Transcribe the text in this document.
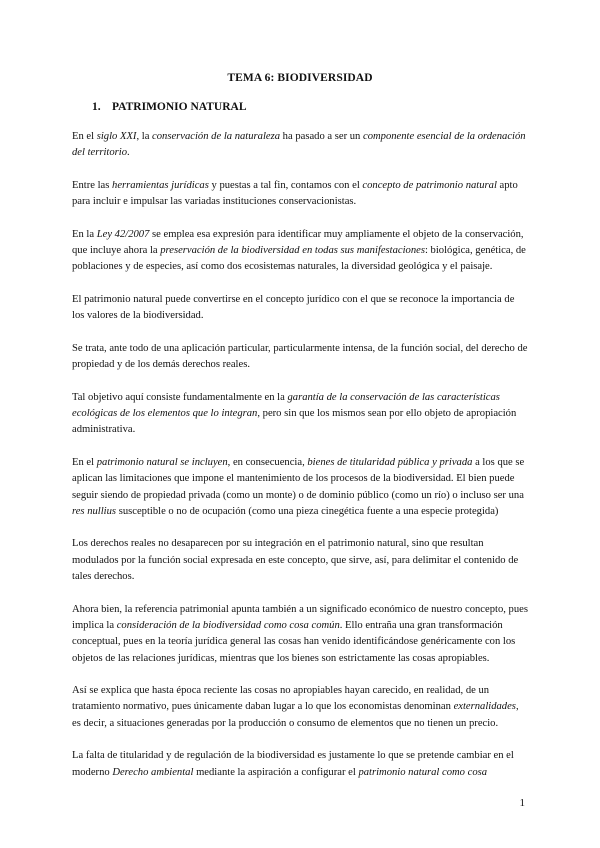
TEMA 6: BIODIVERSIDAD
1. PATRIMONIO NATURAL

En el siglo XXI, la conservación de la naturaleza ha pasado a ser un componente esencial de la ordenación del territorio.

Entre las herramientas jurídicas y puestas a tal fin, contamos con el concepto de patrimonio natural apto para incluir e impulsar las variadas instituciones conservacionistas.

En la Ley 42/2007 se emplea esa expresión para identificar muy ampliamente el objeto de la conservación, que incluye ahora la preservación de la biodiversidad en todas sus manifestaciones: biológica, genética, de poblaciones y de especies, así como dos ecosistemas naturales, la diversidad geológica y el paisaje.

El patrimonio natural puede convertirse en el concepto jurídico con el que se reconoce la importancia de los valores de la biodiversidad.

Se trata, ante todo de una aplicación particular, particularmente intensa, de la función social, del derecho de propiedad y de los demás derechos reales.

Tal objetivo aquí consiste fundamentalmente en la garantía de la conservación de las características ecológicas de los elementos que lo integran, pero sin que los mismos sean por ello objeto de apropiación administrativa.

En el patrimonio natural se incluyen, en consecuencia, bienes de titularidad pública y privada a los que se aplican las limitaciones que impone el mantenimiento de los procesos de la biodiversidad. El bien puede seguir siendo de propiedad privada (como un monte) o de dominio público (como un río) o incluso ser una res nullius susceptible o no de ocupación (como una pieza cinegética fuente a una especie protegida)

Los derechos reales no desaparecen por su integración en el patrimonio natural, sino que resultan modulados por la función social expresada en este concepto, que sirve, así, para delimitar el contenido de tales derechos.

Ahora bien, la referencia patrimonial apunta también a un significado económico de nuestro concepto, pues implica la consideración de la biodiversidad como cosa común. Ello entraña una gran transformación conceptual, pues en la teoría jurídica general las cosas han venido identificándose genéricamente con los objetos de las relaciones jurídicas, mientras que los bienes son estrictamente las cosas apropiables.

Así se explica que hasta época reciente las cosas no apropiables hayan carecido, en realidad, de un tratamiento normativo, pues únicamente daban lugar a lo que los economistas denominan externalidades, es decir, a situaciones generadas por la producción o consumo de elementos que no tienen un precio.

La falta de titularidad y de regulación de la biodiversidad es justamente lo que se pretende cambiar en el moderno Derecho ambiental mediante la aspiración a configurar el patrimonio natural como cosa

1
